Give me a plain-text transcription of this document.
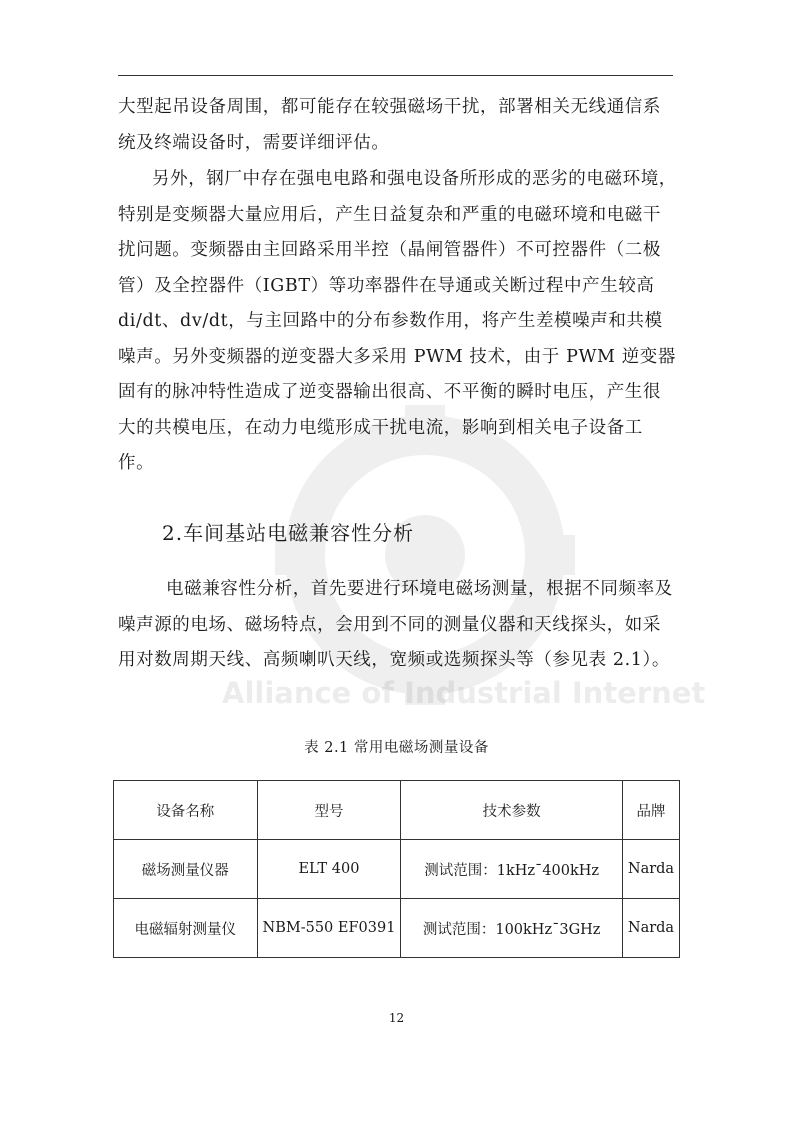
Alliance of Industrial Internet

大型起吊设备周围，都可能存在较强磁场干扰，部署相关无线通信系统及终端设备时，需要详细评估。

另外，钢厂中存在强电电路和强电设备所形成的恶劣的电磁环境，特别是变频器大量应用后，产生日益复杂和严重的电磁环境和电磁干扰问题。变频器由主回路采用半控（晶闸管器件）不可控器件（二极管）及全控器件（IGBT）等功率器件在导通或关断过程中产生较高 di/dt、dv/dt，与主回路中的分布参数作用，将产生差模噪声和共模噪声。另外变频器的逆变器大多采用 PWM 技术，由于 PWM 逆变器固有的脉冲特性造成了逆变器输出很高、不平衡的瞬时电压，产生很大的共模电压，在动力电缆形成干扰电流，影响到相关电子设备工作。

2.车间基站电磁兼容性分析

电磁兼容性分析，首先要进行环境电磁场测量，根据不同频率及噪声源的电场、磁场特点，会用到不同的测量仪器和天线探头，如采用对数周期天线、高频喇叭天线，宽频或选频探头等（参见表 2.1）。

表 2.1 常用电磁场测量设备
设备名称	型号	技术参数	品牌
磁场测量仪器	ELT 400	测试范围：1kHz¯400kHz	Narda
电磁辐射测量仪	NBM-550 EF0391	测试范围：100kHz¯3GHz	Narda
12
